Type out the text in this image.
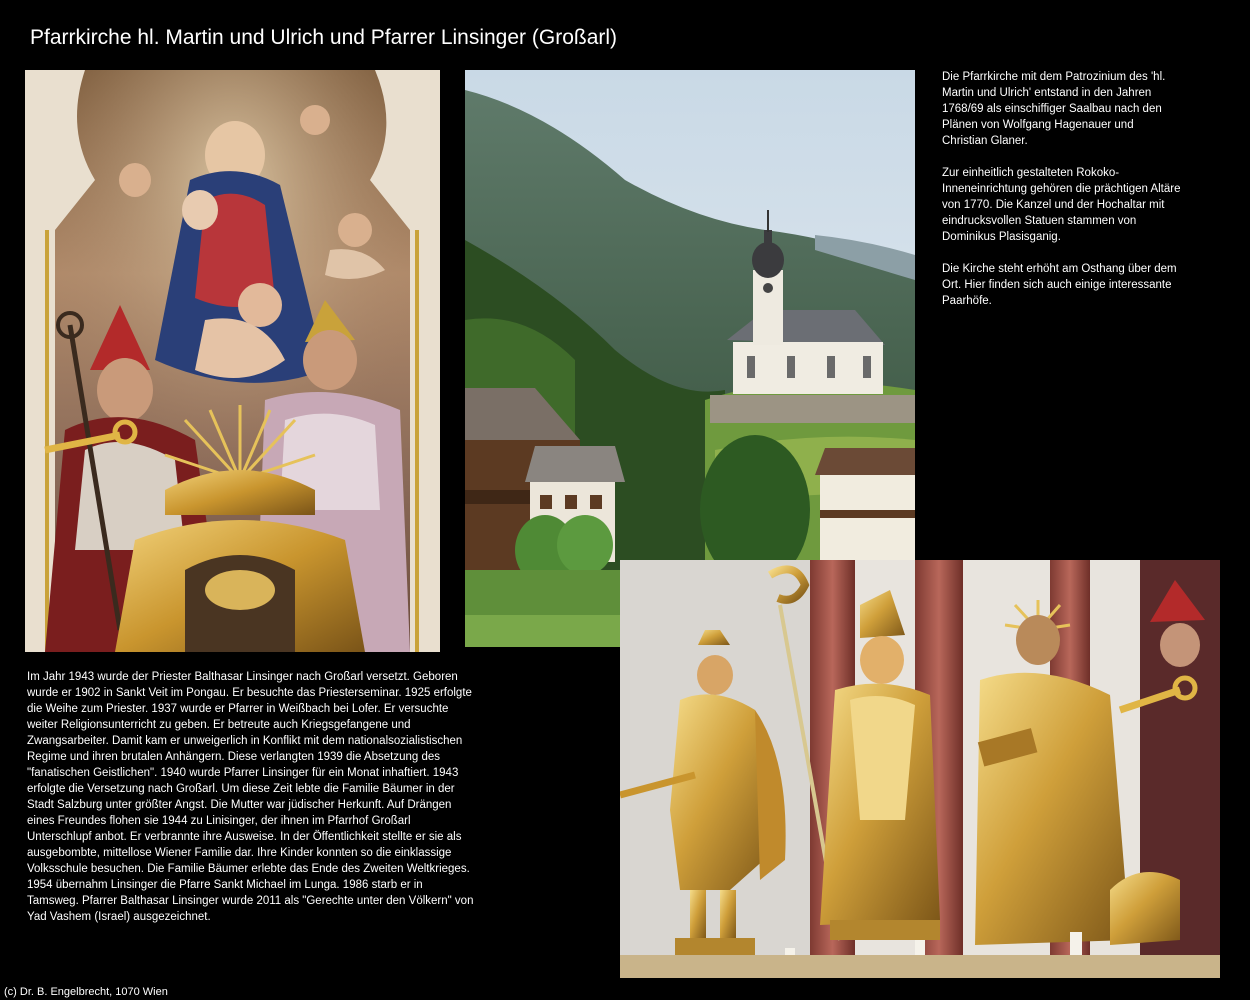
Pfarrkirche hl. Martin und Ulrich und Pfarrer Linsinger (Großarl)

Die Pfarrkirche mit dem Patrozinium des 'hl. Martin und Ulrich' entstand in den Jahren 1768/69 als einschiffiger Saalbau nach den Plänen von Wolfgang Hagenauer und Christian Glaner.

Zur einheitlich gestalteten Rokoko-Inneneinrichtung gehören die prächtigen Altäre von 1770. Die Kanzel und der Hochaltar mit eindrucksvollen Statuen stammen von Dominikus Plasisganig.

Die Kirche steht erhöht am Osthang über dem Ort. Hier finden sich auch einige interessante Paarhöfe.

Im Jahr 1943 wurde der Priester Balthasar Linsinger nach Großarl versetzt. Geboren wurde er 1902 in Sankt Veit im Pongau. Er besuchte das Priesterseminar. 1925 erfolgte die Weihe zum Priester. 1937 wurde er Pfarrer in Weißbach bei Lofer. Er versuchte weiter Religionsunterricht zu geben. Er betreute auch Kriegsgefangene und Zwangsarbeiter. Damit kam er unweigerlich in Konflikt mit dem nationalsozialistischen Regime und ihren brutalen Anhängern. Diese verlangten 1939 die Absetzung des "fanatischen Geistlichen". 1940 wurde Pfarrer Linsinger für ein Monat inhaftiert. 1943 erfolgte die Versetzung nach Großarl. Um diese Zeit lebte die Familie Bäumer in der Stadt Salzburg unter größter Angst. Die Mutter war jüdischer Herkunft. Auf Drängen eines Freundes flohen sie 1944 zu Linisinger, der ihnen im Pfarrhof Großarl Unterschlupf anbot. Er verbrannte ihre Ausweise. In der Öffentlichkeit stellte er sie als ausgebombte, mittellose Wiener Familie dar. Ihre Kinder konnten so die einklassige Volksschule besuchen. Die Familie Bäumer erlebte das Ende des Zweiten Weltkrieges. 1954 übernahm Linsinger die Pfarre Sankt Michael im Lunga. 1986 starb er in Tamsweg. Pfarrer Balthasar Linsinger wurde 2011 als "Gerechte unter den Völkern" von Yad Vashem (Israel) ausgezeichnet.
(c) Dr. B. Engelbrecht, 1070 Wien
